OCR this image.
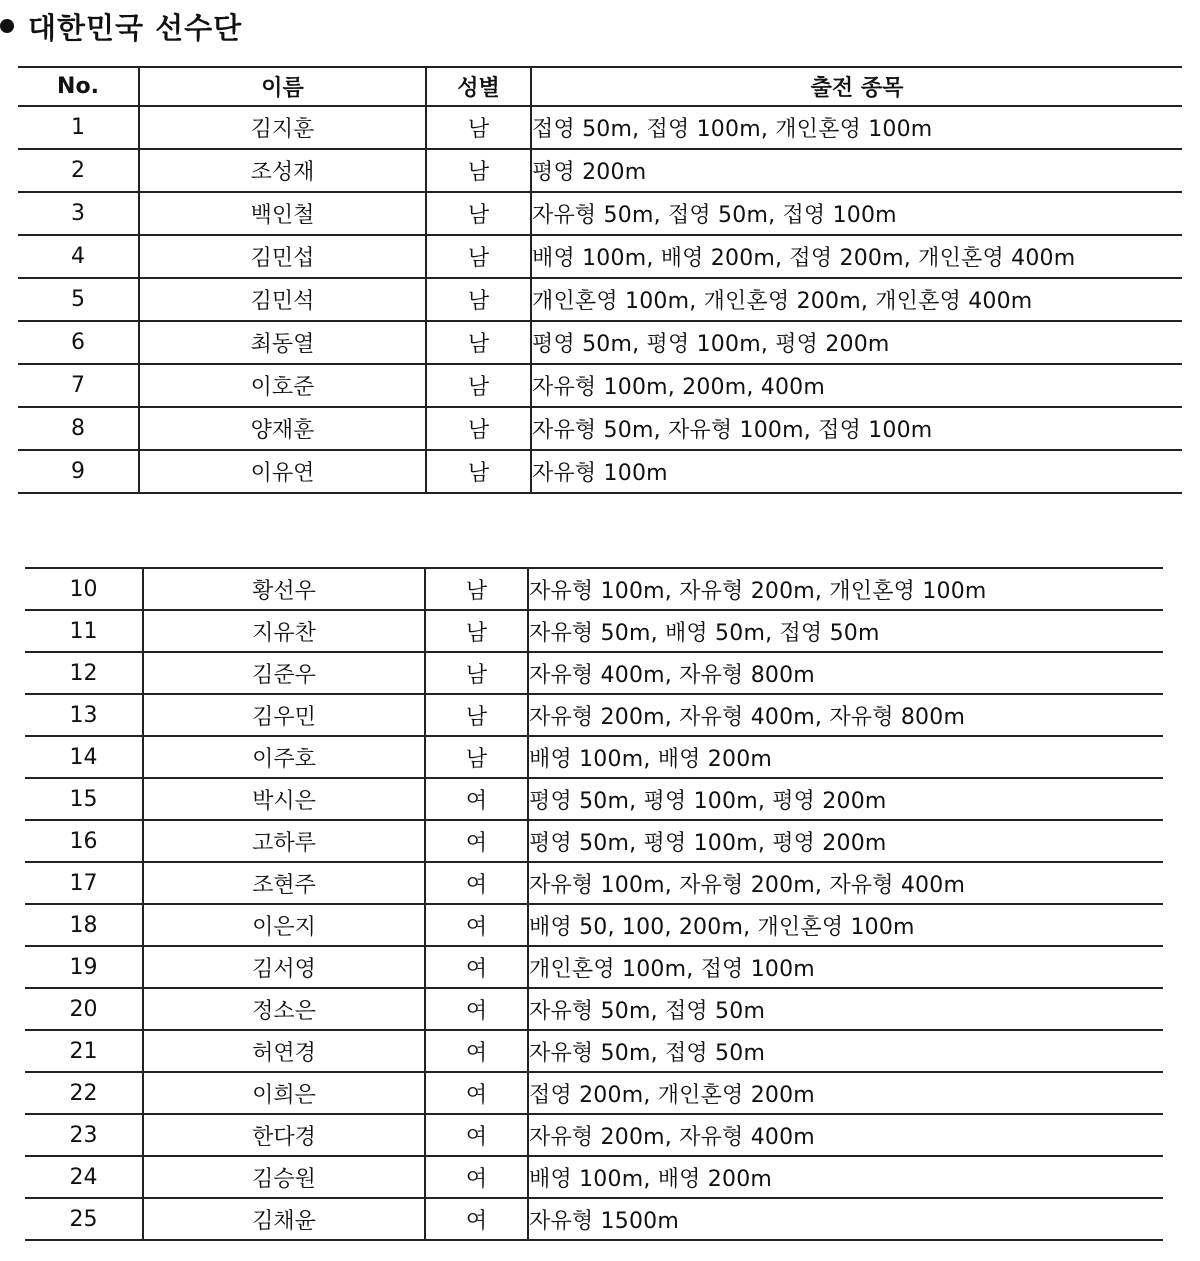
대한민국 선수단
No.	이름	성별	출전 종목
1	김지훈	남	접영 50m, 접영 100m, 개인혼영 100m
2	조성재	남	평영 200m
3	백인철	남	자유형 50m, 접영 50m, 접영 100m
4	김민섭	남	배영 100m, 배영 200m, 접영 200m, 개인혼영 400m
5	김민석	남	개인혼영 100m, 개인혼영 200m, 개인혼영 400m
6	최동열	남	평영 50m, 평영 100m, 평영 200m
7	이호준	남	자유형 100m, 200m, 400m
8	양재훈	남	자유형 50m, 자유형 100m, 접영 100m
9	이유연	남	자유형 100m
10	황선우	남	자유형 100m, 자유형 200m, 개인혼영 100m
11	지유찬	남	자유형 50m, 배영 50m, 접영 50m
12	김준우	남	자유형 400m, 자유형 800m
13	김우민	남	자유형 200m, 자유형 400m, 자유형 800m
14	이주호	남	배영 100m, 배영 200m
15	박시은	여	평영 50m, 평영 100m, 평영 200m
16	고하루	여	평영 50m, 평영 100m, 평영 200m
17	조현주	여	자유형 100m, 자유형 200m, 자유형 400m
18	이은지	여	배영 50, 100, 200m, 개인혼영 100m
19	김서영	여	개인혼영 100m, 접영 100m
20	정소은	여	자유형 50m, 접영 50m
21	허연경	여	자유형 50m, 접영 50m
22	이희은	여	접영 200m, 개인혼영 200m
23	한다경	여	자유형 200m, 자유형 400m
24	김승원	여	배영 100m, 배영 200m
25	김채윤	여	자유형 1500m
